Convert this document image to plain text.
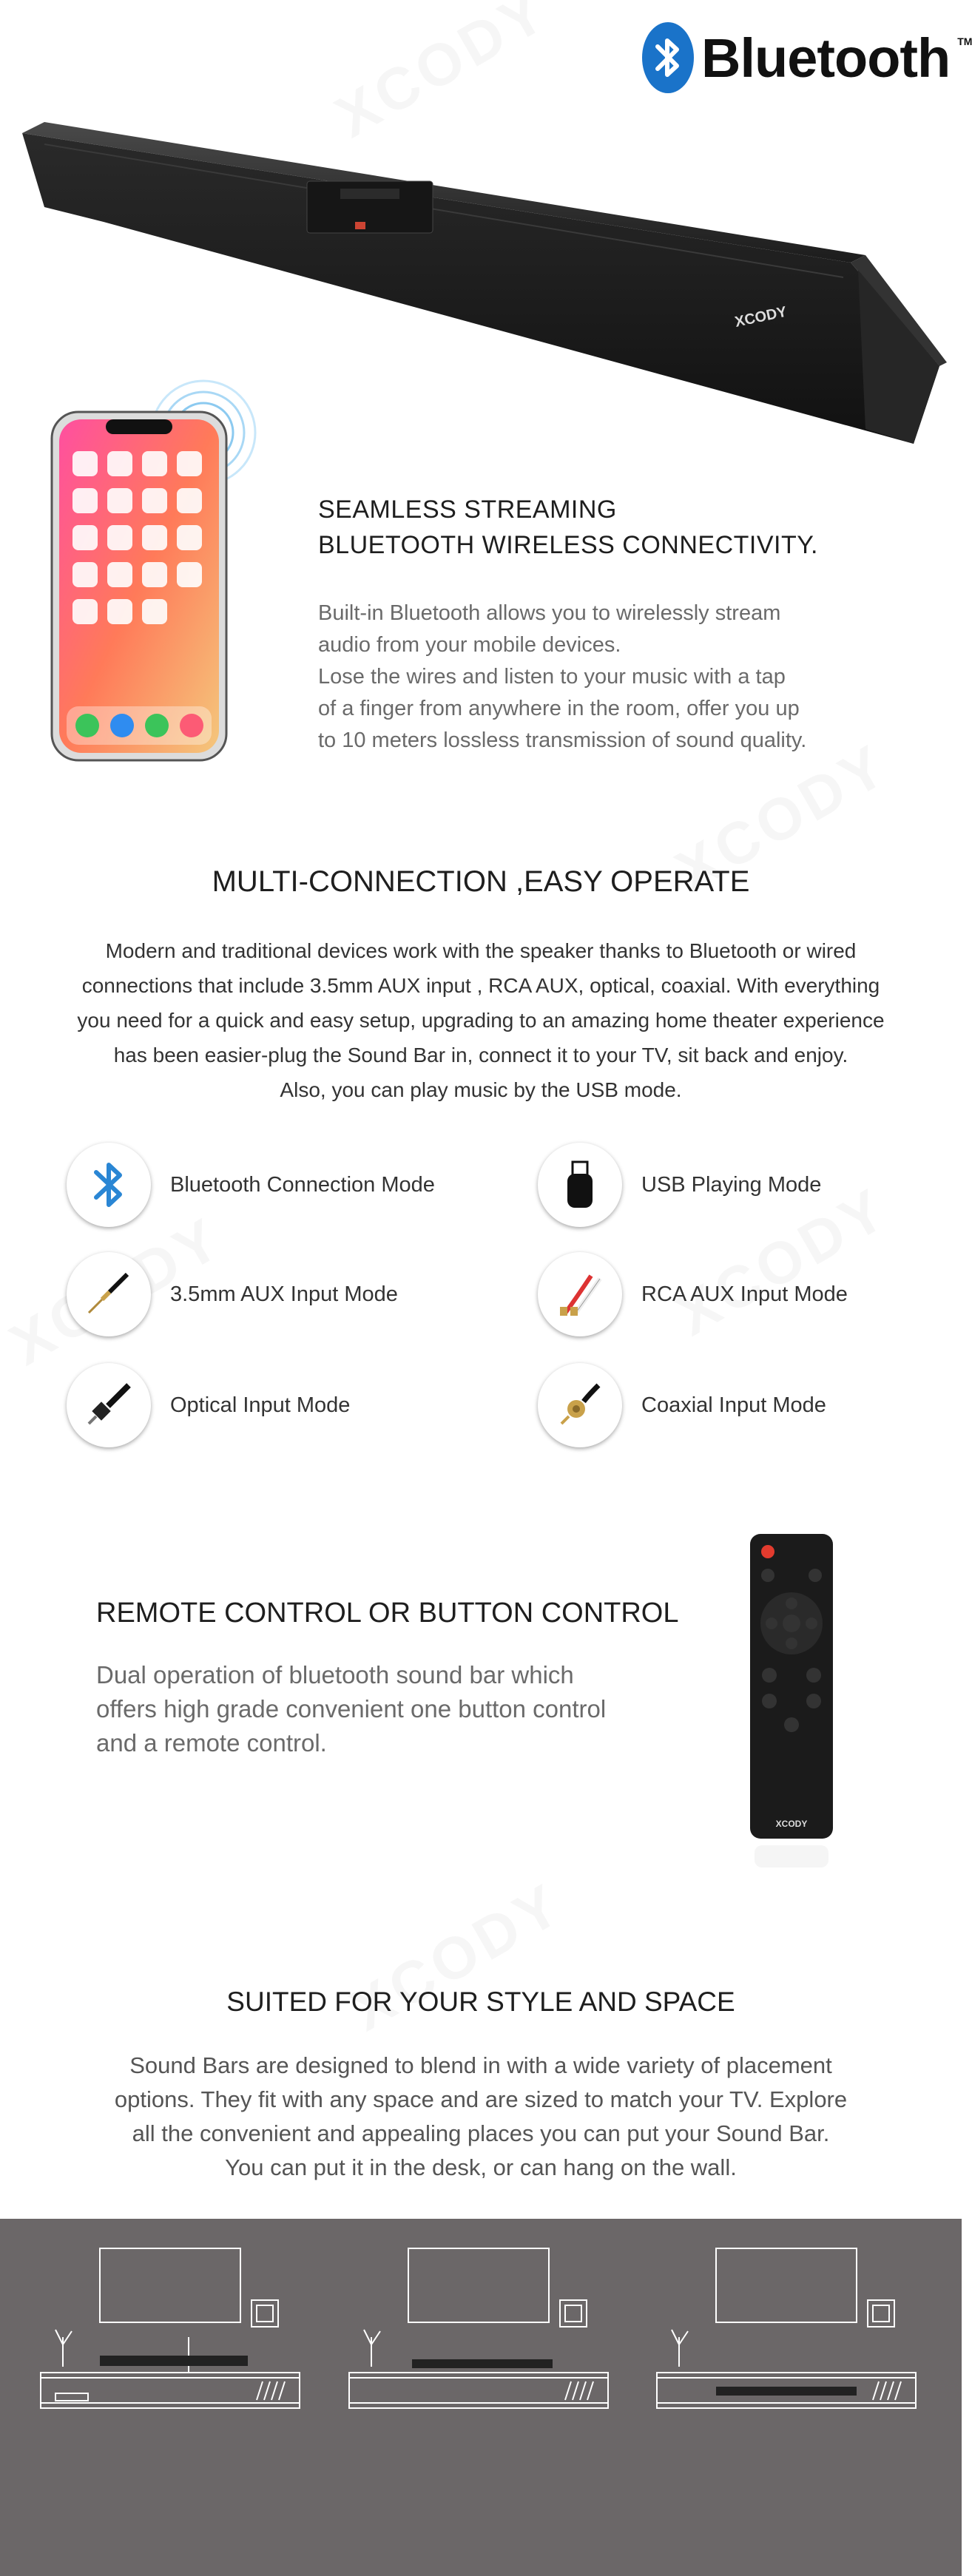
Bluetooth TM
XCODY
SEAMLESS STREAMING
BLUETOOTH WIRELESS CONNECTIVITY.
Built-in Bluetooth allows you to wirelessly stream
audio from your mobile devices.
Lose the wires and listen to your music with a tap
of a finger from anywhere in the room, offer you up
to 10 meters lossless transmission of sound quality.
MULTI-CONNECTION ,EASY OPERATE
Modern and traditional devices work with the speaker thanks to Bluetooth or wired
connections that include 3.5mm AUX input , RCA AUX, optical, coaxial. With everything
you need for a quick and easy setup, upgrading to an amazing home theater experience
has been easier-plug the Sound Bar in, connect it to your TV, sit back and enjoy.
Also, you can play music by the USB mode.
Bluetooth Connection Mode	USB Playing Mode
3.5mm AUX Input Mode	RCA AUX Input Mode
Optical Input Mode	Coaxial Input Mode
REMOTE CONTROL OR BUTTON CONTROL
Dual operation of bluetooth sound bar which
offers high grade convenient one button control
and a remote control.
XCODY
SUITED FOR YOUR STYLE AND SPACE
Sound Bars are designed to blend in with a wide variety of placement
options. They fit with any space and are sized to match your TV. Explore
all the convenient and appealing places you can put your Sound Bar.
You can put it in the desk, or can hang on the wall.
